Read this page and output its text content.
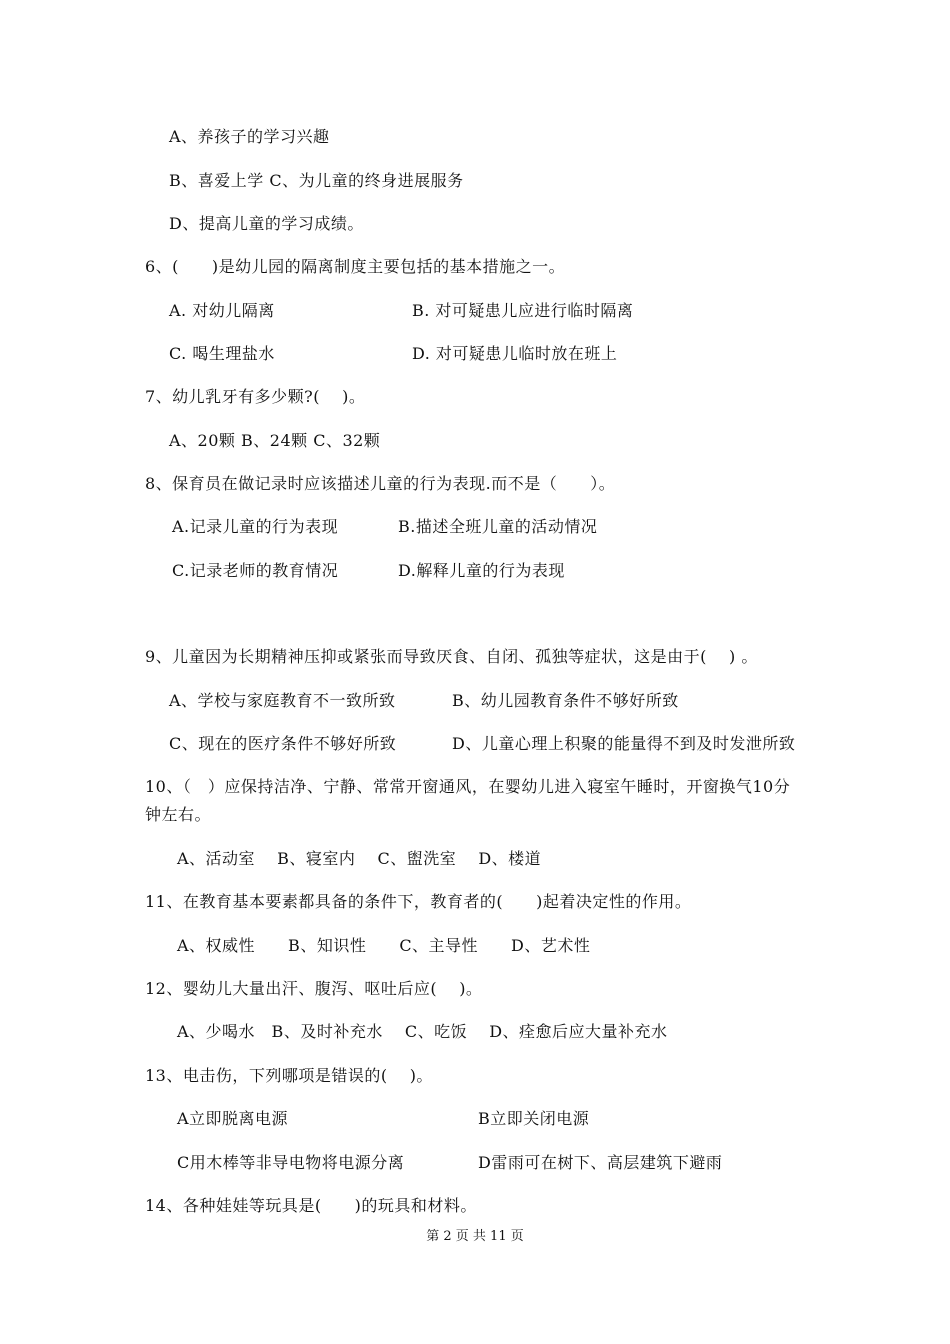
A、养孩子的学习兴趣
B、喜爱上学 C、为儿童的终身进展服务
D、提高儿童的学习成绩。
6、(　　)是幼儿园的隔离制度主要包括的基本措施之一。
A. 对幼儿隔离	B. 对可疑患儿应进行临时隔离
C. 喝生理盐水	D. 对可疑患儿临时放在班上
7、幼儿乳牙有多少颗?(　 )。
A、20颗 B、24颗 C、32颗
8、保育员在做记录时应该描述儿童的行为表现.而不是（　　）。
A.记录儿童的行为表现	B.描述全班儿童的活动情况
C.记录老师的教育情况	D.解释儿童的行为表现
9、儿童因为长期精神压抑或紧张而导致厌食、自闭、孤独等症状，这是由于(　 ) 。
A、学校与家庭教育不一致所致	B、幼儿园教育条件不够好所致
C、现在的医疗条件不够好所致	D、儿童心理上积聚的能量得不到及时发泄所致
10、（　）应保持洁净、宁静、常常开窗通风，在婴幼儿进入寝室午睡时，开窗换气10分
钟左右。
A、活动室　 B、寝室内　 C、盥洗室　 D、楼道
11、在教育基本要素都具备的条件下，教育者的(　　)起着决定性的作用。
A、权威性　　B、知识性　　C、主导性　　D、艺术性
12、婴幼儿大量出汗、腹泻、呕吐后应(　 )。
A、少喝水　B、及时补充水　 C、吃饭　 D、痊愈后应大量补充水
13、电击伤，下列哪项是错误的(　 )。
A立即脱离电源	B立即关闭电源
C用木棒等非导电物将电源分离	D雷雨可在树下、高层建筑下避雨
14、各种娃娃等玩具是(　　)的玩具和材料。
第 2 页 共 11 页
